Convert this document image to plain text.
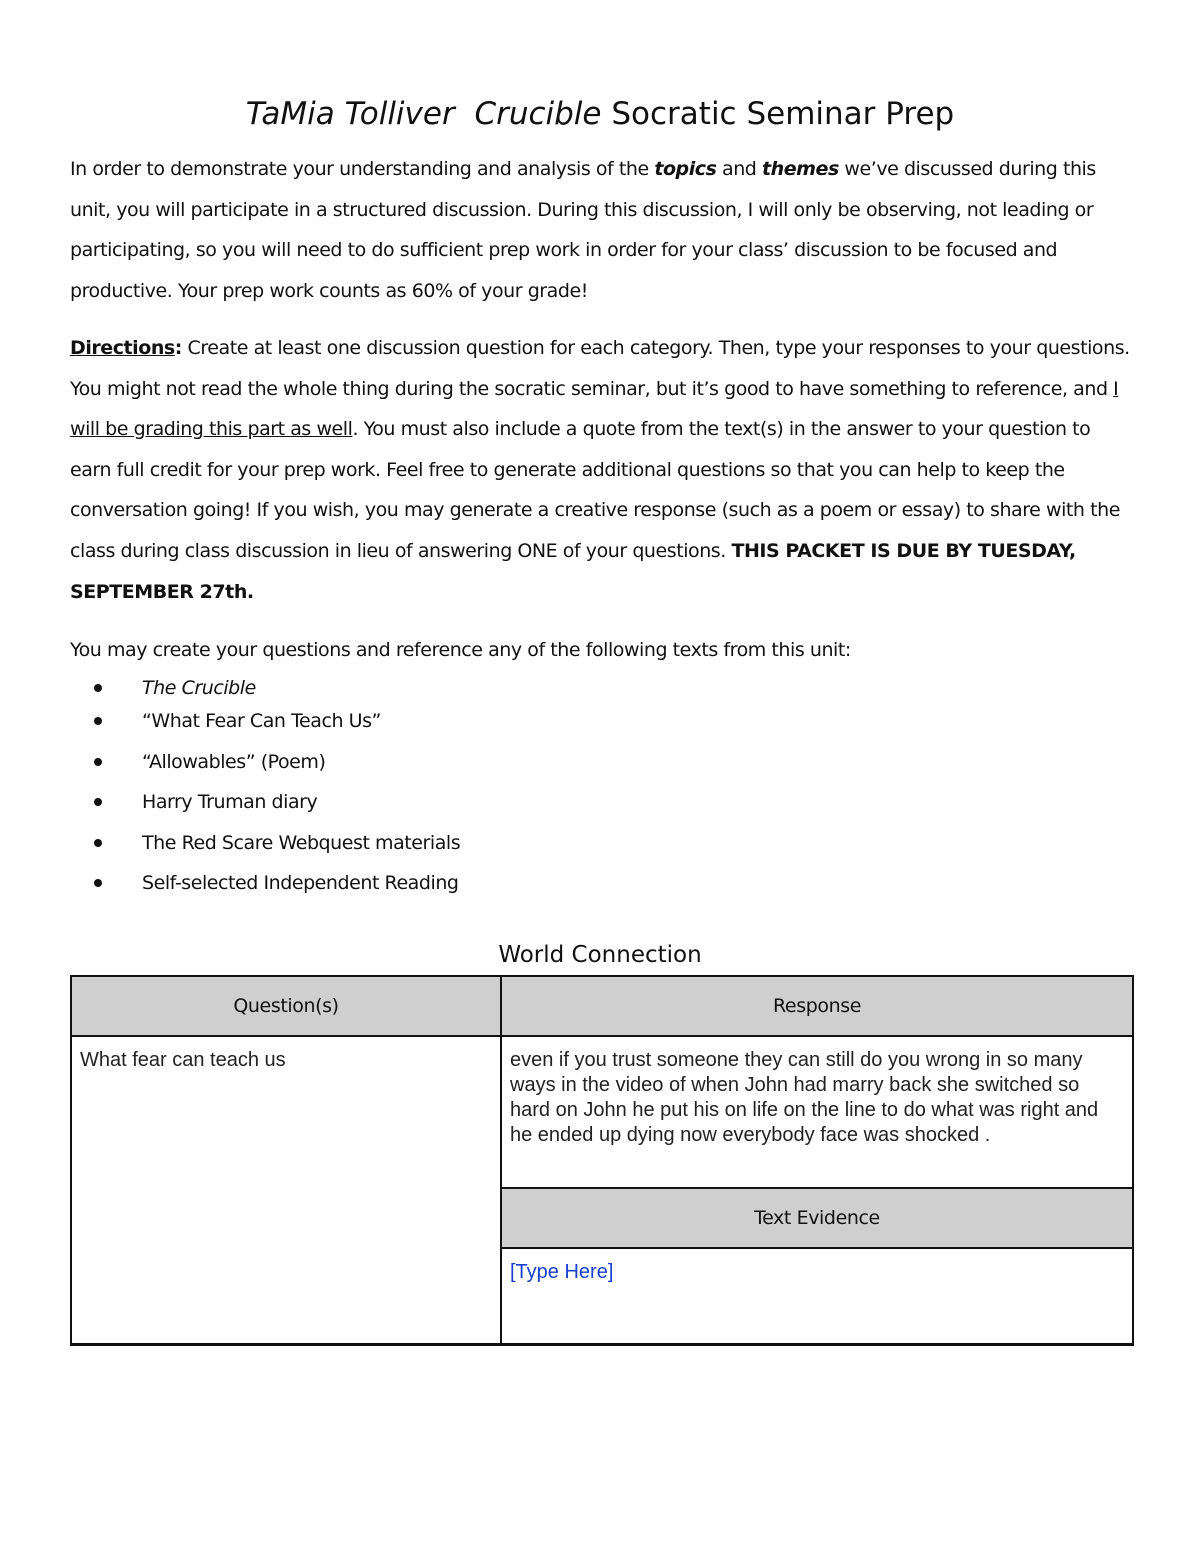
TaMia Tolliver Crucible Socratic Seminar Prep
In order to demonstrate your understanding and analysis of the topics and themes we’ve discussed during this unit, you will participate in a structured discussion. During this discussion, I will only be observing, not leading or participating, so you will need to do sufficient prep work in order for your class’ discussion to be focused and productive. Your prep work counts as 60% of your grade!
Directions: Create at least one discussion question for each category. Then, type your responses to your questions. You might not read the whole thing during the socratic seminar, but it’s good to have something to reference, and I will be grading this part as well. You must also include a quote from the text(s) in the answer to your question to earn full credit for your prep work. Feel free to generate additional questions so that you can help to keep the conversation going! If you wish, you may generate a creative response (such as a poem or essay) to share with the class during class discussion in lieu of answering ONE of your questions. THIS PACKET IS DUE BY TUESDAY, SEPTEMBER 27th.
You may create your questions and reference any of the following texts from this unit:
The Crucible
“What Fear Can Teach Us”
“Allowables” (Poem)
Harry Truman diary
The Red Scare Webquest materials
Self-selected Independent Reading
World Connection
Question(s)	Response

What fear can teach us	even if you trust someone they can still do you wrong in so many ways in the video of when John had marry back she switched so hard on John he put his on life on the line to do what was right and he ended up dying now everybody face was shocked .

	Text Evidence

	[Type Here]
